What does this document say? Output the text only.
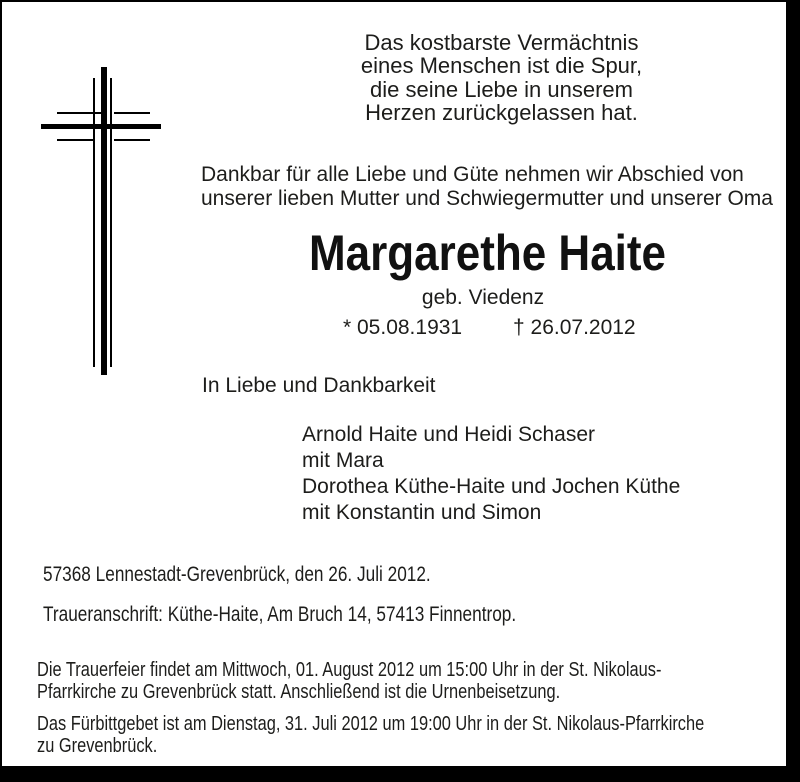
Das kostbarste Vermächtnis
eines Menschen ist die Spur,
die seine Liebe in unserem
Herzen zurückgelassen hat.
Dankbar für alle Liebe und Güte nehmen wir Abschied von
unserer lieben Mutter und Schwiegermutter und unserer Oma
Margarethe Haite
geb. Viedenz
* 05.08.1931 † 26.07.2012
In Liebe und Dankbarkeit
Arnold Haite und Heidi Schaser
mit Mara
Dorothea Küthe-Haite und Jochen Küthe
mit Konstantin und Simon
57368 Lennestadt-Grevenbrück, den 26. Juli 2012.
Traueranschrift: Küthe-Haite, Am Bruch 14, 57413 Finnentrop.
Die Trauerfeier findet am Mittwoch, 01. August 2012 um 15:00 Uhr in der St. Nikolaus-
Pfarrkirche zu Grevenbrück statt. Anschließend ist die Urnenbeisetzung.
Das Fürbittgebet ist am Dienstag, 31. Juli 2012 um 19:00 Uhr in der St. Nikolaus-Pfarrkirche
zu Grevenbrück.
